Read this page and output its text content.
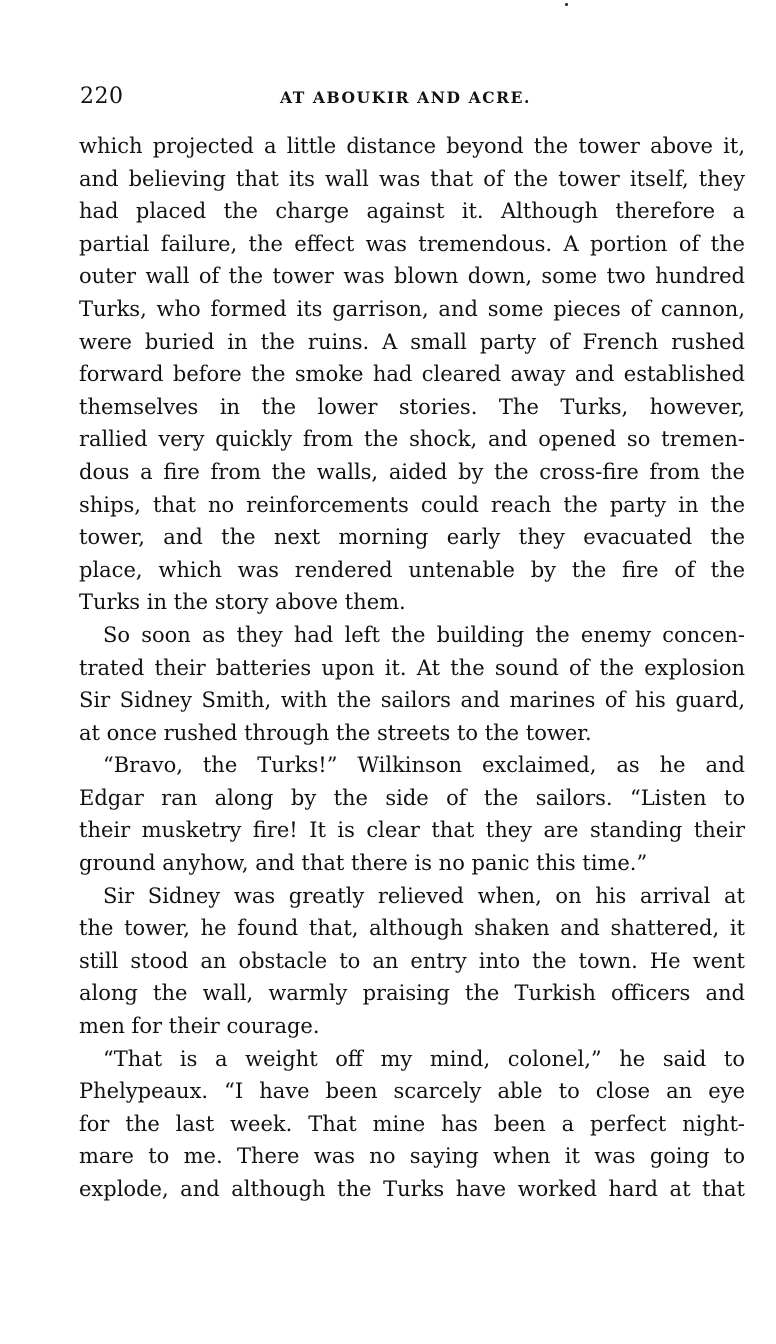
220	AT ABOUKIR AND ACRE.
which projected a little distance beyond the tower above it,
and believing that its wall was that of the tower itself, they
had placed the charge against it. Although therefore a
partial failure, the effect was tremendous. A portion of the
outer wall of the tower was blown down, some two hundred
Turks, who formed its garrison, and some pieces of cannon,
were buried in the ruins. A small party of French rushed
forward before the smoke had cleared away and established
themselves in the lower stories. The Turks, however,
rallied very quickly from the shock, and opened so tremen-
dous a fire from the walls, aided by the cross-fire from the
ships, that no reinforcements could reach the party in the
tower, and the next morning early they evacuated the
place, which was rendered untenable by the fire of the
Turks in the story above them.
So soon as they had left the building the enemy concen-
trated their batteries upon it. At the sound of the explosion
Sir Sidney Smith, with the sailors and marines of his guard,
at once rushed through the streets to the tower.
“Bravo, the Turks!” Wilkinson exclaimed, as he and
Edgar ran along by the side of the sailors. “Listen to
their musketry fire! It is clear that they are standing their
ground anyhow, and that there is no panic this time.”
Sir Sidney was greatly relieved when, on his arrival at
the tower, he found that, although shaken and shattered, it
still stood an obstacle to an entry into the town. He went
along the wall, warmly praising the Turkish officers and
men for their courage.
“That is a weight off my mind, colonel,” he said to
Phelypeaux. “I have been scarcely able to close an eye
for the last week. That mine has been a perfect night-
mare to me. There was no saying when it was going to
explode, and although the Turks have worked hard at that
